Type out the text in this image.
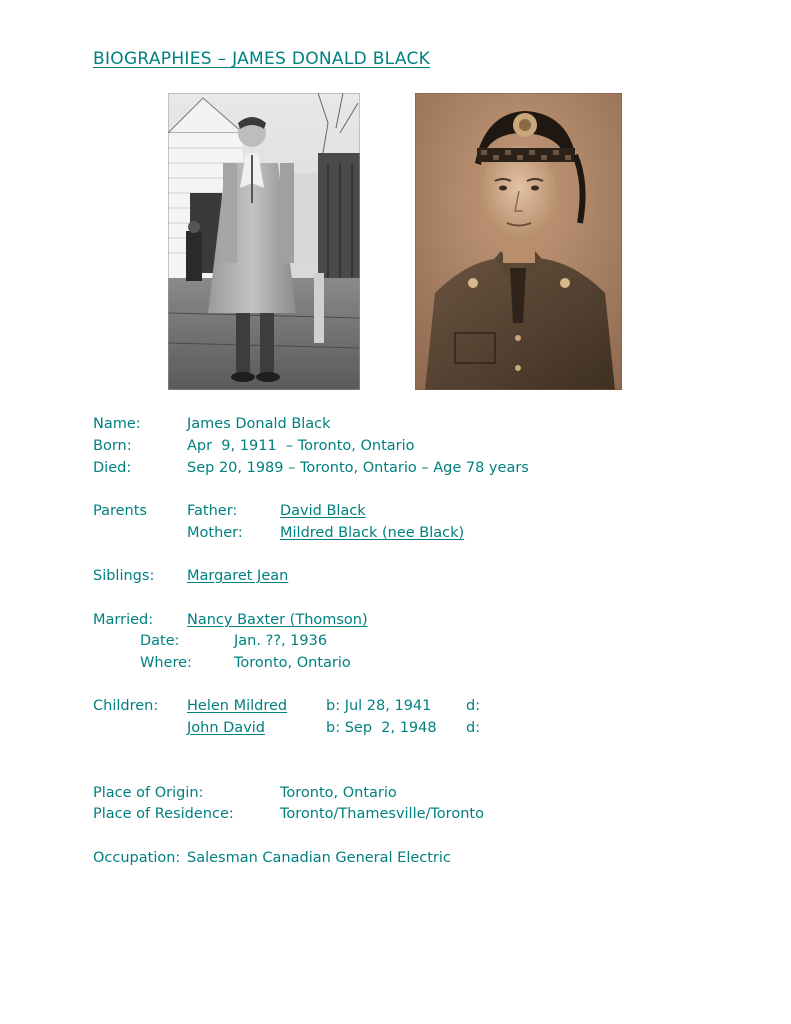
BIOGRAPHIES – JAMES DONALD BLACK
Name:	James Donald Black
Born:	Apr  9, 1911  – Toronto, Ontario
Died:	Sep 20, 1989 – Toronto, Ontario – Age 78 years
Parents	Father:	David Black
Mother:	Mildred Black (nee Black)
Siblings: Margaret Jean
Married: Nancy Baxter (Thomson)
Date:	Jan. ??, 1936
Where:	Toronto, Ontario
Children: Helen Mildred	b: Jul 28, 1941 d:
John David	b: Sep  2, 1948 d:
Place of Origin:	Toronto, Ontario
Place of Residence:	Toronto/Thamesville/Toronto
Occupation: Salesman Canadian General Electric
